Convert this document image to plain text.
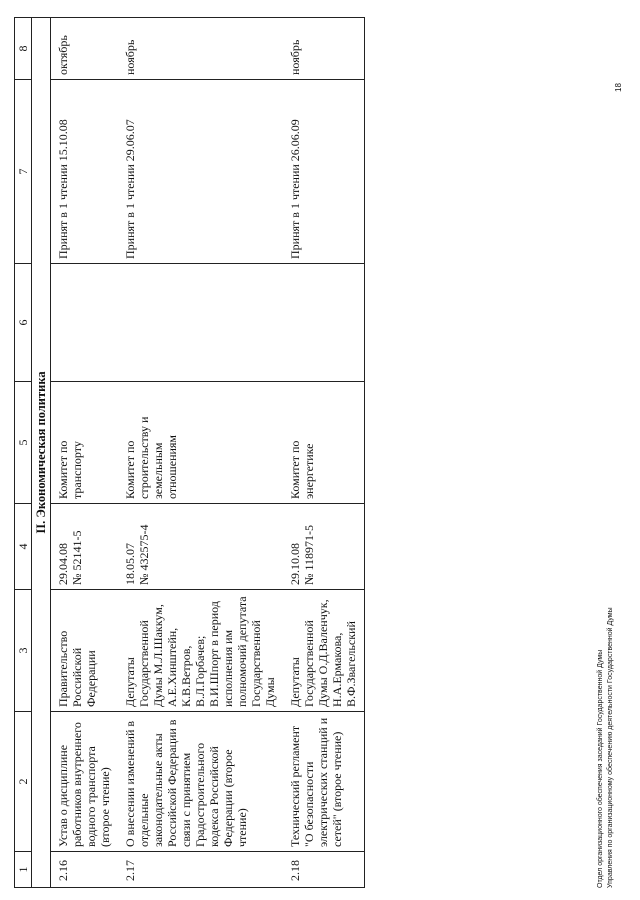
1	2	3	4	5	6	7	8
II. Экономическая политика							
2.16	Устав о дисциплине работников внутреннего водного транспорта (второе чтение)	Правительство Российской Федерации	29.04.08 № 52141-5	Комитет по транспорту		Принят в 1 чтении 15.10.08	октябрь
2.17	О внесении изменений в отдельные законодательные акты Российской Федерации в связи с принятием Градостроительного кодекса Российской Федерации (второе чтение)	Депутаты Государственной Думы М.Л.Шаккум, А.Е.Хинштейн, К.В.Ветров, В.Л.Горбачев; В.И.Шпорт в период исполнения им полномочий депутата Государственной Думы	18.05.07 № 432575-4	Комитет по строительству и земельным отношениям		Принят в 1 чтении 29.06.07	ноябрь
2.18	Технический регламент "О безопасности электрических станций и сетей" (второе чтение)	Депутаты Государственной Думы О.Д.Валенчук, Н.А.Ермакова, В.Ф.Звагельский	29.10.08 № 118971-5	Комитет по энергетике		Принят в 1 чтении 26.06.09	ноябрь
Отдел организационного обеспечения заседаний Государственной Думы Управления по организационному обеспечению деятельности Государственной Думы
18
